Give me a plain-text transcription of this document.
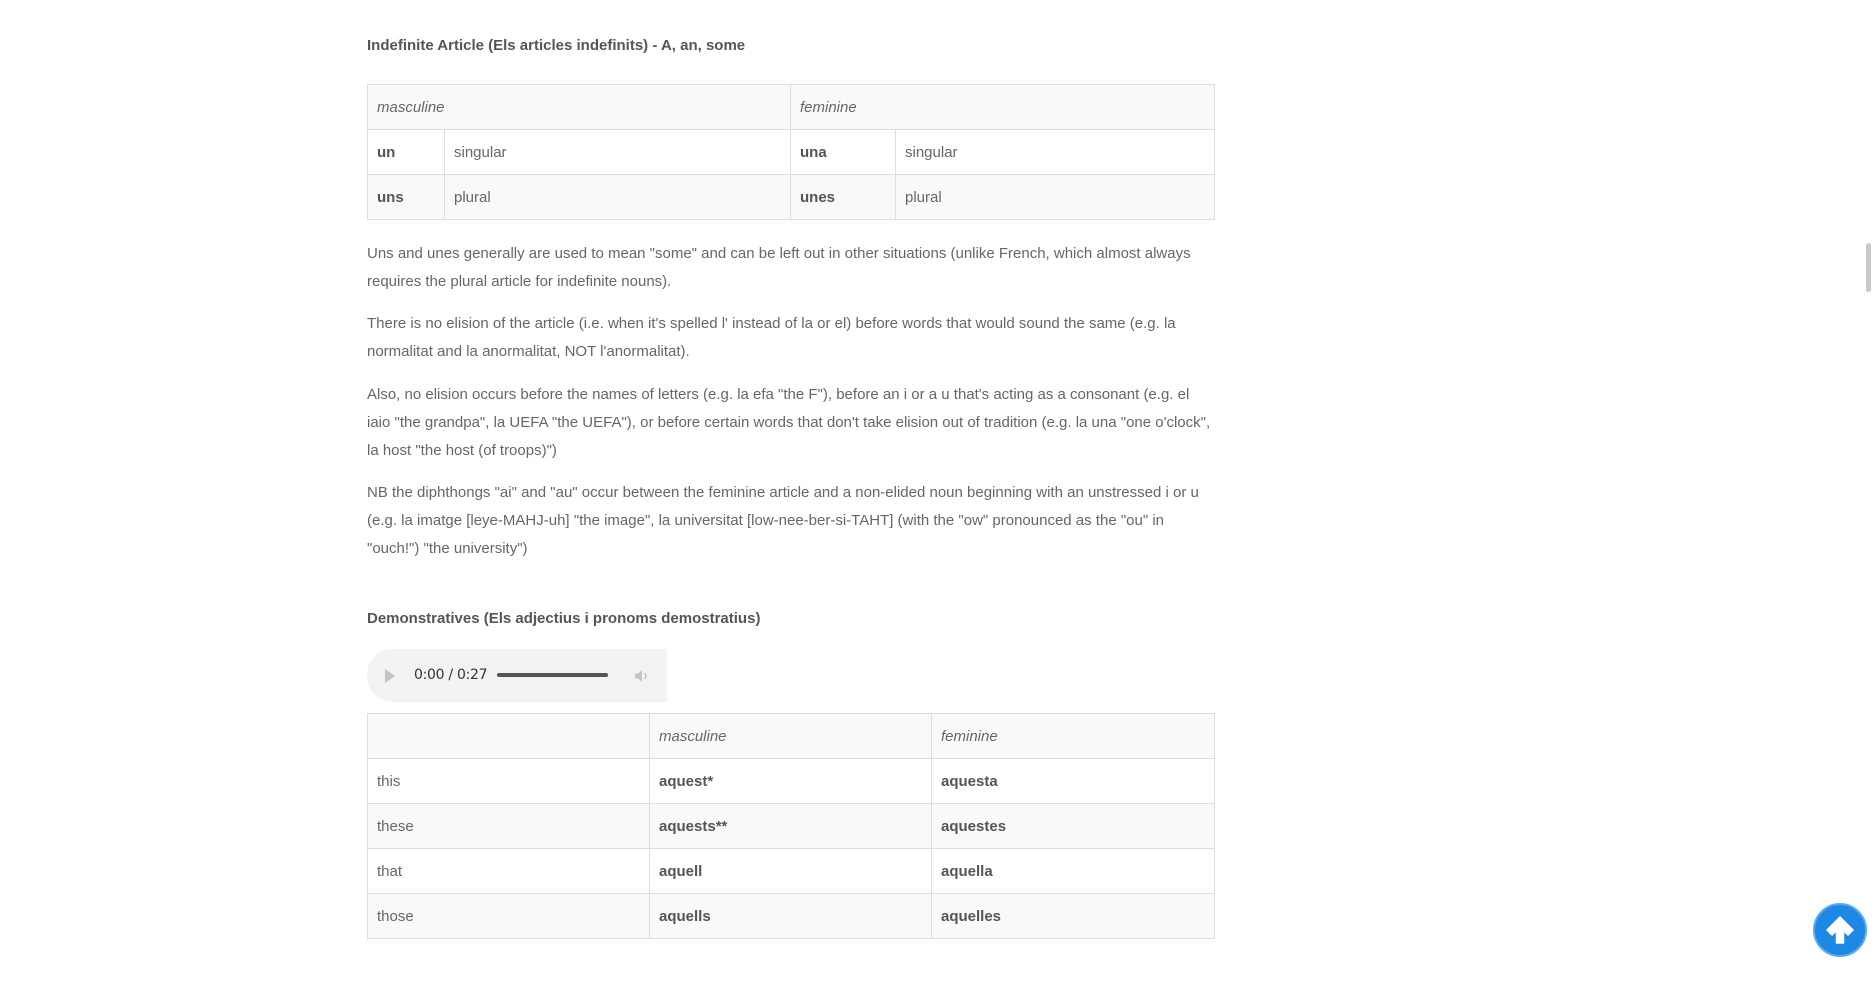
Indefinite Article (Els articles indefinits) - A, an, some
masculine		feminine	
un	singular	una	singular
uns	plural	unes	plural

Uns and unes generally are used to mean "some" and can be left out in other situations (unlike French, which almost always requires the plural article for indefinite nouns).

There is no elision of the article (i.e. when it's spelled l' instead of la or el) before words that would sound the same (e.g. la normalitat and la anormalitat, NOT l'anormalitat).

Also, no elision occurs before the names of letters (e.g. la efa "the F"), before an i or a u that's acting as a consonant (e.g. el iaio "the grandpa", la UEFA "the UEFA"), or before certain words that don't take elision out of tradition (e.g. la una "one o'clock", la host "the host (of troops)")

NB the diphthongs "ai" and "au" occur between the feminine article and a non-elided noun beginning with an unstressed i or u (e.g. la imatge [leye-MAHJ-uh] "the image", la universitat [low-nee-ber-si-TAHT] (with the "ow" pronounced as the "ou" in "ouch!") "the university")

Demonstratives (Els adjectius i pronoms demostratius)
0:00 / 0:27
	masculine	feminine
this	aquest*	aquesta
these	aquests**	aquestes
that	aquell	aquella
those	aquells	aquelles
